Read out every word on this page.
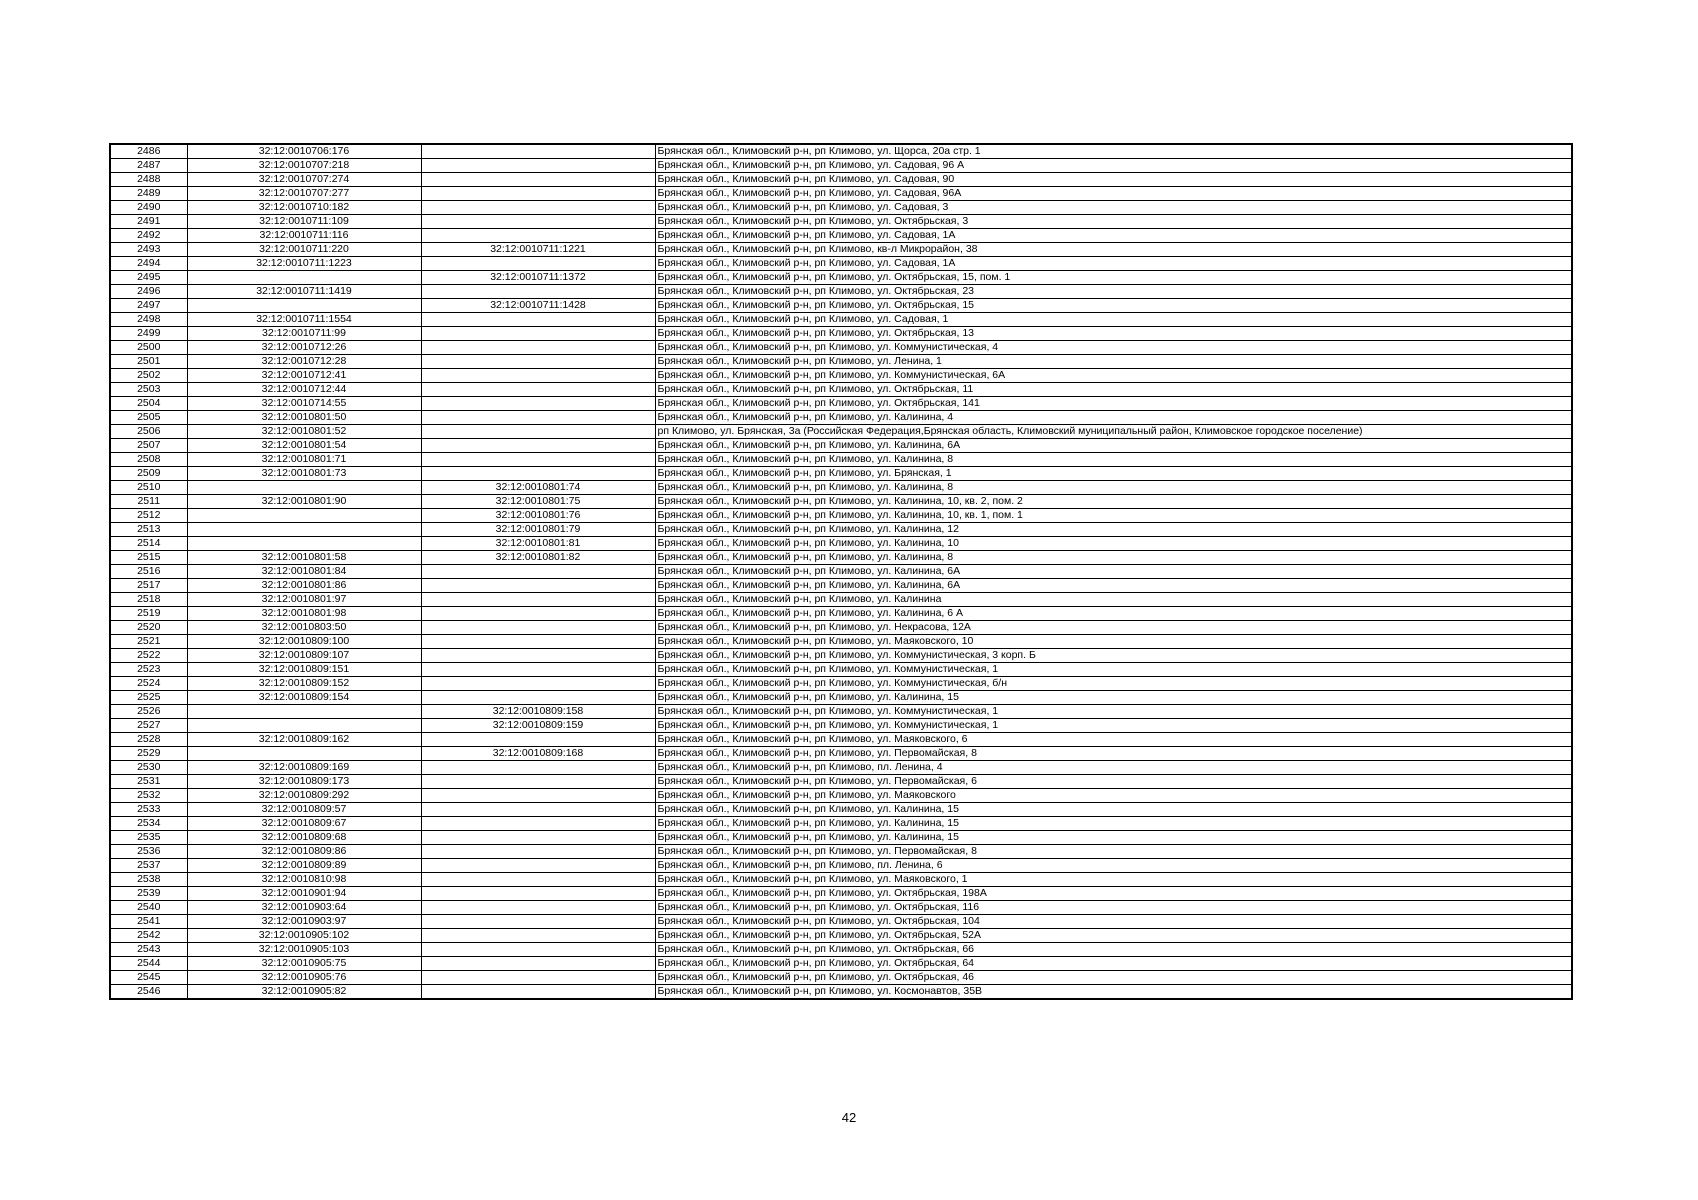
2486	32:12:0010706:176		Брянская обл., Климовский р-н, рп Климово, ул. Щорса, 20а стр. 1
2487	32:12:0010707:218		Брянская обл., Климовский р-н, рп Климово, ул. Садовая, 96 А
2488	32:12:0010707:274		Брянская обл., Климовский р-н, рп Климово, ул. Садовая, 90
2489	32:12:0010707:277		Брянская обл., Климовский р-н, рп Климово, ул. Садовая, 96А
2490	32:12:0010710:182		Брянская обл., Климовский р-н, рп Климово, ул. Садовая, 3
2491	32:12:0010711:109		Брянская обл., Климовский р-н, рп Климово, ул. Октябрьская, 3
2492	32:12:0010711:116		Брянская обл., Климовский р-н, рп Климово, ул. Садовая, 1А
2493	32:12:0010711:220	32:12:0010711:1221	Брянская обл., Климовский р-н, рп Климово, кв-л Микрорайон, 38
2494	32:12:0010711:1223		Брянская обл., Климовский р-н, рп Климово, ул. Садовая, 1А
2495		32:12:0010711:1372	Брянская обл., Климовский р-н, рп Климово, ул. Октябрьская, 15, пом. 1
2496	32:12:0010711:1419		Брянская обл., Климовский р-н, рп Климово, ул. Октябрьская, 23
2497		32:12:0010711:1428	Брянская обл., Климовский р-н, рп Климово, ул. Октябрьская, 15
2498	32:12:0010711:1554		Брянская обл., Климовский р-н, рп Климово, ул. Садовая, 1
2499	32:12:0010711:99		Брянская обл., Климовский р-н, рп Климово, ул. Октябрьская, 13
2500	32:12:0010712:26		Брянская обл., Климовский р-н, рп Климово, ул. Коммунистическая, 4
2501	32:12:0010712:28		Брянская обл., Климовский р-н, рп Климово, ул. Ленина, 1
2502	32:12:0010712:41		Брянская обл., Климовский р-н, рп Климово, ул. Коммунистическая, 6А
2503	32:12:0010712:44		Брянская обл., Климовский р-н, рп Климово, ул. Октябрьская, 11
2504	32:12:0010714:55		Брянская обл., Климовский р-н, рп Климово, ул. Октябрьская, 141
2505	32:12:0010801:50		Брянская обл., Климовский р-н, рп Климово, ул. Калинина, 4
2506	32:12:0010801:52		рп Климово, ул. Брянская, 3а (Российская Федерация,Брянская область, Климовский муниципальный район, Климовское городское поселение)
2507	32:12:0010801:54		Брянская обл., Климовский р-н, рп Климово, ул. Калинина, 6А
2508	32:12:0010801:71		Брянская обл., Климовский р-н, рп Климово, ул. Калинина, 8
2509	32:12:0010801:73		Брянская обл., Климовский р-н, рп Климово, ул. Брянская, 1
2510		32:12:0010801:74	Брянская обл., Климовский р-н, рп Климово, ул. Калинина, 8
2511	32:12:0010801:90	32:12:0010801:75	Брянская обл., Климовский р-н, рп Климово, ул. Калинина, 10, кв. 2, пом. 2
2512		32:12:0010801:76	Брянская обл., Климовский р-н, рп Климово, ул. Калинина, 10, кв. 1, пом. 1
2513		32:12:0010801:79	Брянская обл., Климовский р-н, рп Климово, ул. Калинина, 12
2514		32:12:0010801:81	Брянская обл., Климовский р-н, рп Климово, ул. Калинина, 10
2515	32:12:0010801:58	32:12:0010801:82	Брянская обл., Климовский р-н, рп Климово, ул. Калинина, 8
2516	32:12:0010801:84		Брянская обл., Климовский р-н, рп Климово, ул. Калинина, 6А
2517	32:12:0010801:86		Брянская обл., Климовский р-н, рп Климово, ул. Калинина, 6А
2518	32:12:0010801:97		Брянская обл., Климовский р-н, рп Климово, ул. Калинина
2519	32:12:0010801:98		Брянская обл., Климовский р-н, рп Климово, ул. Калинина, 6 А
2520	32:12:0010803:50		Брянская обл., Климовский р-н, рп Климово, ул. Некрасова, 12А
2521	32:12:0010809:100		Брянская обл., Климовский р-н, рп Климово, ул. Маяковского, 10
2522	32:12:0010809:107		Брянская обл., Климовский р-н, рп Климово, ул. Коммунистическая, 3 корп. Б
2523	32:12:0010809:151		Брянская обл., Климовский р-н, рп Климово, ул. Коммунистическая, 1
2524	32:12:0010809:152		Брянская обл., Климовский р-н, рп Климово, ул. Коммунистическая, б/н
2525	32:12:0010809:154		Брянская обл., Климовский р-н, рп Климово, ул. Калинина, 15
2526		32:12:0010809:158	Брянская обл., Климовский р-н, рп Климово, ул. Коммунистическая, 1
2527		32:12:0010809:159	Брянская обл., Климовский р-н, рп Климово, ул. Коммунистическая, 1
2528	32:12:0010809:162		Брянская обл., Климовский р-н, рп Климово, ул. Маяковского, 6
2529		32:12:0010809:168	Брянская обл., Климовский р-н, рп Климово, ул. Первомайская, 8
2530	32:12:0010809:169		Брянская обл., Климовский р-н, рп Климово, пл. Ленина, 4
2531	32:12:0010809:173		Брянская обл., Климовский р-н, рп Климово, ул. Первомайская, 6
2532	32:12:0010809:292		Брянская обл., Климовский р-н, рп Климово, ул. Маяковского
2533	32:12:0010809:57		Брянская обл., Климовский р-н, рп Климово, ул. Калинина, 15
2534	32:12:0010809:67		Брянская обл., Климовский р-н, рп Климово, ул. Калинина, 15
2535	32:12:0010809:68		Брянская обл., Климовский р-н, рп Климово, ул. Калинина, 15
2536	32:12:0010809:86		Брянская обл., Климовский р-н, рп Климово, ул. Первомайская, 8
2537	32:12:0010809:89		Брянская обл., Климовский р-н, рп Климово, пл. Ленина, 6
2538	32:12:0010810:98		Брянская обл., Климовский р-н, рп Климово, ул. Маяковского, 1
2539	32:12:0010901:94		Брянская обл., Климовский р-н, рп Климово, ул. Октябрьская, 198А
2540	32:12:0010903:64		Брянская обл., Климовский р-н, рп Климово, ул. Октябрьская, 116
2541	32:12:0010903:97		Брянская обл., Климовский р-н, рп Климово, ул. Октябрьская, 104
2542	32:12:0010905:102		Брянская обл., Климовский р-н, рп Климово, ул. Октябрьская, 52А
2543	32:12:0010905:103		Брянская обл., Климовский р-н, рп Климово, ул. Октябрьская, 66
2544	32:12:0010905:75		Брянская обл., Климовский р-н, рп Климово, ул. Октябрьская, 64
2545	32:12:0010905:76		Брянская обл., Климовский р-н, рп Климово, ул. Октябрьская, 46
2546	32:12:0010905:82		Брянская обл., Климовский р-н, рп Климово, ул. Космонавтов, 35В
42
